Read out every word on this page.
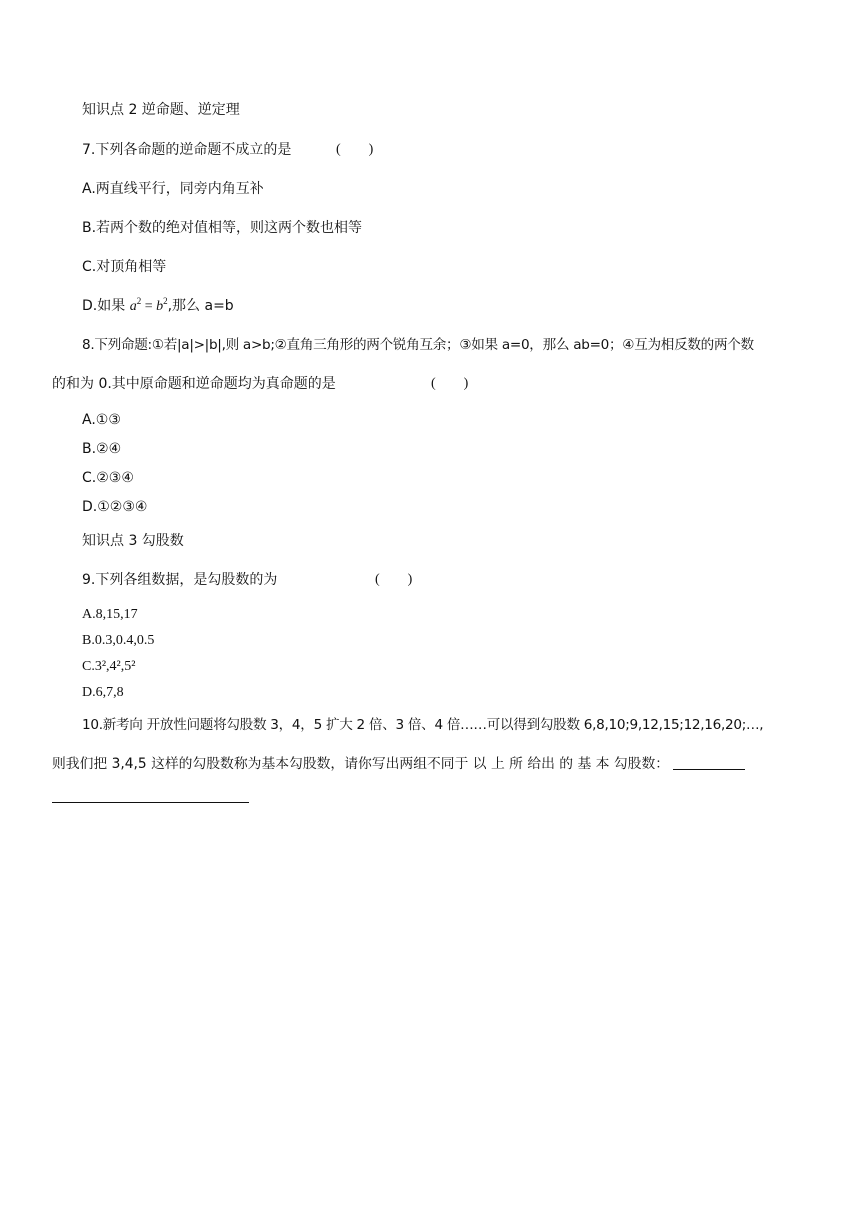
知识点 2 逆命题、逆定理
7.下列各命题的逆命题不成立的是	(　　)
A.两直线平行，同旁内角互补
B.若两个数的绝对值相等，则这两个数也相等
C.对顶角相等
D.如果 $a^2 = b^2$,那么 a=b
8.下列命题:①若|a|>|b|,则 a>b;②直角三角形的两个锐角互余；③如果 a=0，那么 ab=0；④互为相反数的两个数
的和为 0.其中原命题和逆命题均为真命题的是	(　　)
A.①③
B.②④
C.②③④
D.①②③④
知识点 3 勾股数
9.下列各组数据，是勾股数的为	(　　)
A.8,15,17
B.0.3,0.4,0.5
C.3²,4²,5²
D.6,7,8
10.新考向 开放性问题将勾股数 3，4，5 扩大 2 倍、3 倍、4 倍……可以得到勾股数 6,8,10;9,12,15;12,16,20;…,
则我们把 3,4,5 这样的勾股数称为基本勾股数，请你写出两组不同于 以 上 所 给出 的 基 本 勾股数：
